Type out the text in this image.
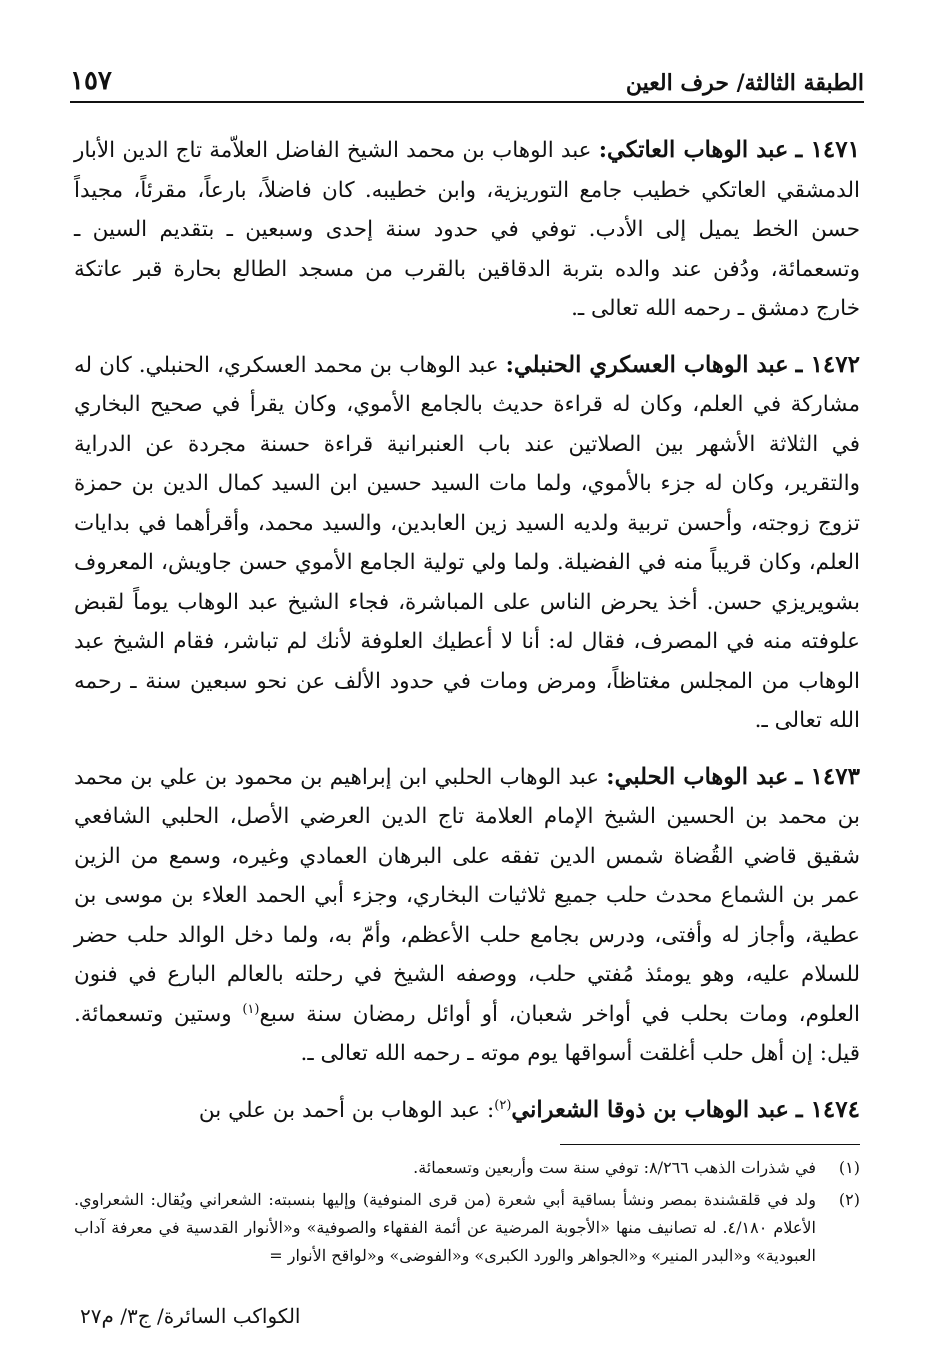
الطبقة الثالثة/ حرف العين
١٥٧

١٤٧١ ـ عبد الوهاب العاتكي: عبد الوهاب بن محمد الشيخ الفاضل العلاّمة تاج الدين الأبار الدمشقي العاتكي خطيب جامع التوريزية، وابن خطيبه. كان فاضلاً، بارعاً، مقرئاً، مجيداً حسن الخط يميل إلى الأدب. توفي في حدود سنة إحدى وسبعين ـ بتقديم السين ـ وتسعمائة، ودُفن عند والده بتربة الدقاقين بالقرب من مسجد الطالع بحارة قبر عاتكة خارج دمشق ـ رحمه الله تعالى ـ.

١٤٧٢ ـ عبد الوهاب العسكري الحنبلي: عبد الوهاب بن محمد العسكري، الحنبلي. كان له مشاركة في العلم، وكان له قراءة حديث بالجامع الأموي، وكان يقرأ في صحيح البخاري في الثلاثة الأشهر بين الصلاتين عند باب العنبرانية قراءة حسنة مجردة عن الدراية والتقرير، وكان له جزء بالأموي، ولما مات السيد حسين ابن السيد كمال الدين بن حمزة تزوج زوجته، وأحسن تربية ولديه السيد زين العابدين، والسيد محمد، وأقرأهما في بدايات العلم، وكان قريباً منه في الفضيلة. ولما ولي تولية الجامع الأموي حسن جاويش، المعروف بشويريزي حسن. أخذ يحرض الناس على المباشرة، فجاء الشيخ عبد الوهاب يوماً لقبض علوفته منه في المصرف، فقال له: أنا لا أعطيك العلوفة لأنك لم تباشر، فقام الشيخ عبد الوهاب من المجلس مغتاظاً، ومرض ومات في حدود الألف عن نحو سبعين سنة ـ رحمه الله تعالى ـ.

١٤٧٣ ـ عبد الوهاب الحلبي: عبد الوهاب الحلبي ابن إبراهيم بن محمود بن علي بن محمد بن محمد بن الحسين الشيخ الإمام العلامة تاج الدين العرضي الأصل، الحلبي الشافعي شقيق قاضي القُضاة شمس الدين تفقه على البرهان العمادي وغيره، وسمع من الزين عمر بن الشماع محدث حلب جميع ثلاثيات البخاري، وجزء أبي الحمد العلاء بن موسى بن عطية، وأجاز له وأفتى، ودرس بجامع حلب الأعظم، وأمّ به، ولما دخل الوالد حلب حضر للسلام عليه، وهو يومئذ مُفتي حلب، ووصفه الشيخ في رحلته بالعالم البارع في فنون العلوم، ومات بحلب في أواخر شعبان، أو أوائل رمضان سنة سبع$^{(١)}$ وستين وتسعمائة. قيل: إن أهل حلب أغلقت أسواقها يوم موته ـ رحمه الله تعالى ـ.

١٤٧٤ ـ عبد الوهاب بن ذوقا الشعراني$^{(٢)}$: عبد الوهاب بن أحمد بن علي بن

(١)
في شذرات الذهب ٨/٢٦٦: توفي سنة ست وأربعين وتسعمائة.
(٢)
ولد في قلقشندة بمصر ونشأ بساقية أبي شعرة (من قرى المنوفية) وإليها بنسبته: الشعراني ويُقال: الشعراوي. الأعلام ٤/١٨٠. له تصانيف منها «الأجوبة المرضية عن أئمة الفقهاء والصوفية» و«الأنوار القدسية في معرفة آداب العبودية» و«البدر المنير» و«الجواهر والورد الكبرى» و«الفوضى» و«لواقح الأنوار =
الكواكب السائرة/ ج٣/ م٢٧
